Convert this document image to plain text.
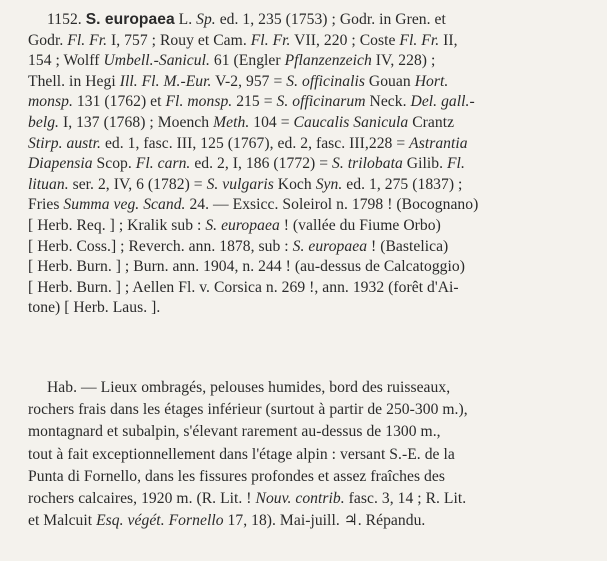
1152. S. europaea L. Sp. ed. 1, 235 (1753) ; Godr. in Gren. et
Godr. Fl. Fr. I, 757 ; Rouy et Cam. Fl. Fr. VII, 220 ; Coste Fl. Fr. II,
154 ; Wolff Umbell.-Sanicul. 61 (Engler Pflanzenzeich IV, 228) ;
Thell. in Hegi Ill. Fl. M.-Eur. V-2, 957 = S. officinalis Gouan Hort.
monsp. 131 (1762) et Fl. monsp. 215 = S. officinarum Neck. Del. gall.-
belg. I, 137 (1768) ; Moench Meth. 104 = Caucalis Sanicula Crantz
Stirp. austr. ed. 1, fasc. III, 125 (1767), ed. 2, fasc. III,228 = Astrantia
Diapensia Scop. Fl. carn. ed. 2, I, 186 (1772) = S. trilobata Gilib. Fl.
lituan. ser. 2, IV, 6 (1782) = S. vulgaris Koch Syn. ed. 1, 275 (1837) ;
Fries Summa veg. Scand. 24. — Exsicc. Soleirol n. 1798 ! (Bocognano)
[ Herb. Req. ] ; Kralik sub : S. europaea ! (vallée du Fiume Orbo)
[ Herb. Coss.] ; Reverch. ann. 1878, sub : S. europaea ! (Bastelica)
[ Herb. Burn. ] ; Burn. ann. 1904, n. 244 ! (au-dessus de Calcatoggio)
[ Herb. Burn. ] ; Aellen Fl. v. Corsica n. 269 !, ann. 1932 (forêt d'Ai-
tone) [ Herb. Laus. ].
Hab. — Lieux ombragés, pelouses humides, bord des ruisseaux,
rochers frais dans les étages inférieur (surtout à partir de 250-300 m.),
montagnard et subalpin, s'élevant rarement au-dessus de 1300 m.,
tout à fait exceptionnellement dans l'étage alpin : versant S.-E. de la
Punta di Fornello, dans les fissures profondes et assez fraîches des
rochers calcaires, 1920 m. (R. Lit. ! Nouv. contrib. fasc. 3, 14 ; R. Lit.
et Malcuit Esq. végét. Fornello 17, 18). Mai-juill. ♃. Répandu.
